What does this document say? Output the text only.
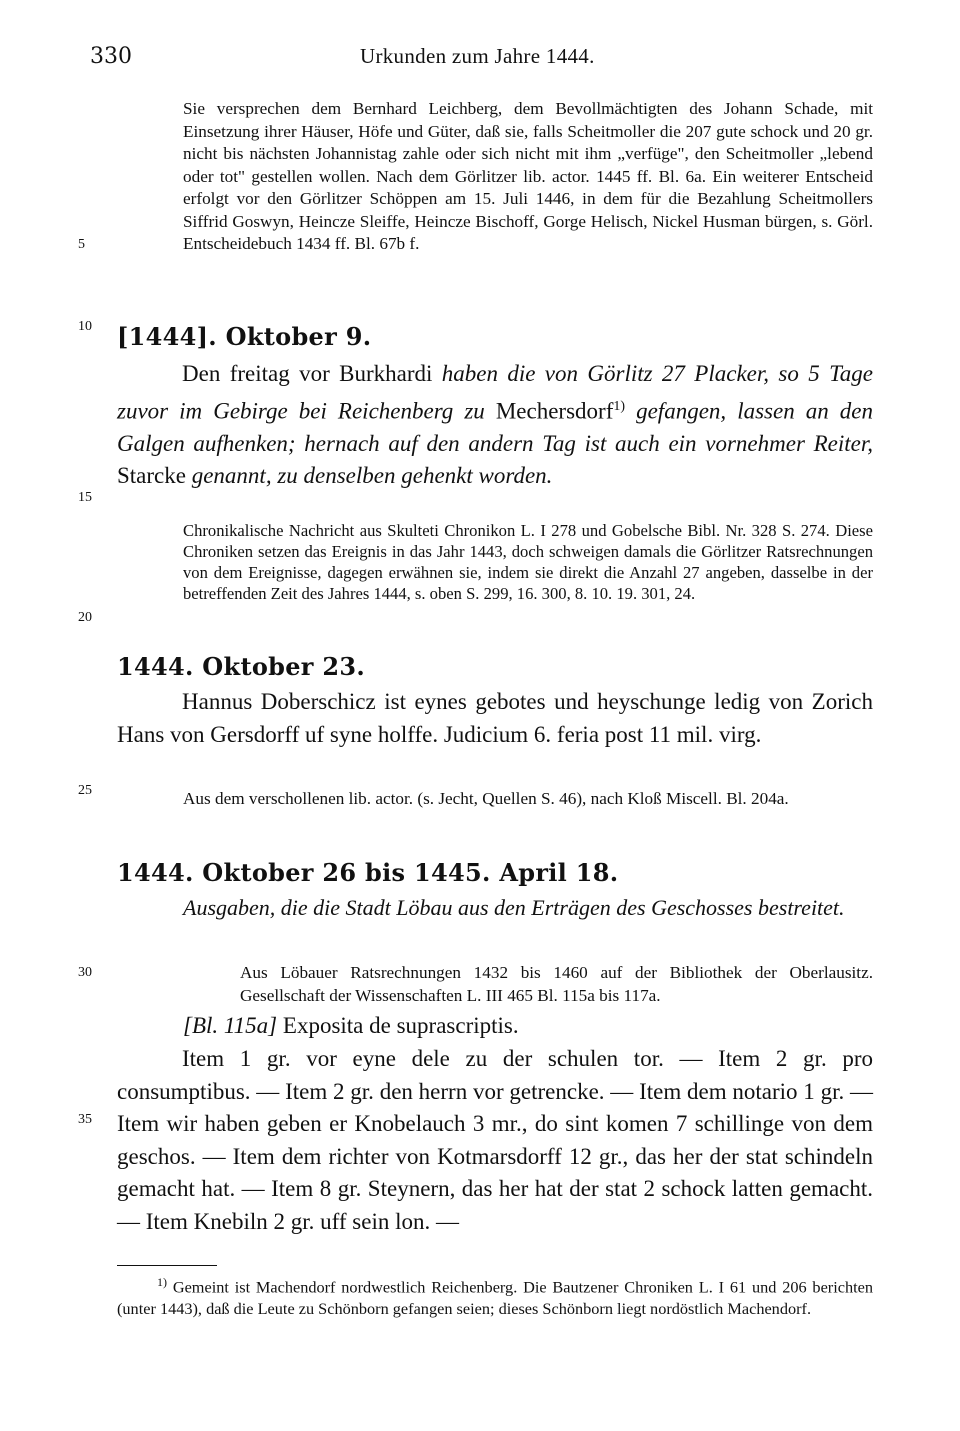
330	Urkunden zum Jahre 1444.
5
10
15
20
25
30
35

Sie versprechen dem Bernhard Leichberg, dem Bevollmächtigten des Johann Schade, mit Einsetzung ihrer Häuser, Höfe und Güter, daß sie, falls Scheitmoller die 207 gute schock und 20 gr. nicht bis nächsten Johannistag zahle oder sich nicht mit ihm „verfüge", den Scheitmoller „lebend oder tot" gestellen wollen. Nach dem Görlitzer lib. actor. 1445 ff. Bl. 6a. Ein weiterer Entscheid erfolgt vor den Görlitzer Schöppen am 15. Juli 1446, in dem für die Bezahlung Scheitmollers Siffrid Goswyn, Heincze Sleiffe, Heincze Bischoff, Gorge Helisch, Nickel Husman bürgen, s. Görl. Entscheidebuch 1434 ff. Bl. 67b f.

[1444]. Oktober 9.

Den freitag vor Burkhardi haben die von Görlitz 27 Placker, so 5 Tage zuvor im Gebirge bei Reichenberg zu Mechersdorf$^{1)}$ gefangen, lassen an den Galgen aufhenken; hernach auf den andern Tag ist auch ein vornehmer Reiter, Starcke genannt, zu denselben gehenkt worden.

Chronikalische Nachricht aus Skulteti Chronikon L. I 278 und Gobelsche Bibl. Nr. 328 S. 274. Diese Chroniken setzen das Ereignis in das Jahr 1443, doch schweigen damals die Görlitzer Ratsrechnungen von dem Ereignisse, dagegen erwähnen sie, indem sie direkt die Anzahl 27 angeben, dasselbe in der betreffenden Zeit des Jahres 1444, s. oben S. 299, 16. 300, 8. 10. 19. 301, 24.

1444. Oktober 23.

Hannus Doberschicz ist eynes gebotes und heyschunge ledig von Zorich Hans von Gersdorff uf syne holffe. Judicium 6. feria post 11 mil. virg.

Aus dem verschollenen lib. actor. (s. Jecht, Quellen S. 46), nach Kloß Miscell. Bl. 204a.

1444. Oktober 26 bis 1445. April 18.

Ausgaben, die die Stadt Löbau aus den Erträgen des Geschosses bestreitet.

Aus Löbauer Ratsrechnungen 1432 bis 1460 auf der Bibliothek der Oberlausitz. Gesellschaft der Wissenschaften L. III 465 Bl. 115a bis 117a.

[Bl. 115a] Exposita de suprascriptis.

Item 1 gr. vor eyne dele zu der schulen tor. — Item 2 gr. pro consumptibus. — Item 2 gr. den herrn vor getrencke. — Item dem notario 1 gr. — Item wir haben geben er Knobelauch 3 mr., do sint komen 7 schillinge von dem geschos. — Item dem richter von Kotmarsdorff 12 gr., das her der stat schindeln gemacht hat. — Item 8 gr. Steynern, das her hat der stat 2 schock latten gemacht. — Item Knebiln 2 gr. uff sein lon. —

$^{1)}$ Gemeint ist Machendorf nordwestlich Reichenberg. Die Bautzener Chroniken L. I 61 und 206 berichten (unter 1443), daß die Leute zu Schönborn gefangen seien; dieses Schönborn liegt nordöstlich Machendorf.
